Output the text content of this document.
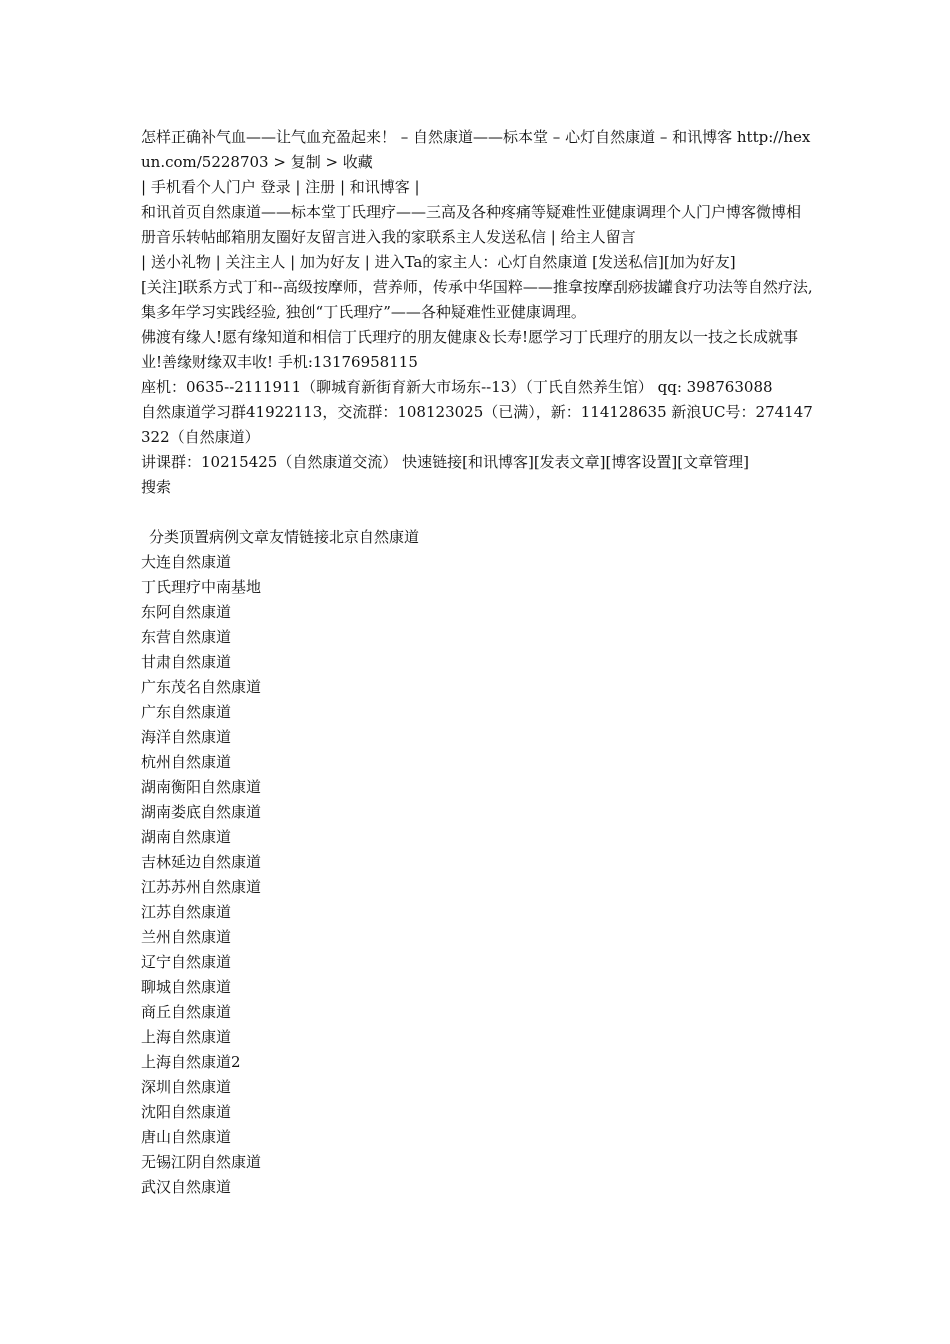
怎样正确补气血——让气血充盈起来！ – 自然康道——标本堂 – 心灯自然康道 – 和讯博客 http://hexun.com/5228703 > 复制 > 收藏

| 手机看个人门户 登录 | 注册 | 和讯博客 |

和讯首页自然康道——标本堂丁氏理疗——三高及各种疼痛等疑难性亚健康调理个人门户博客微博相册音乐转帖邮箱朋友圈好友留言进入我的家联系主人发送私信 | 给主人留言

| 送小礼物 | 关注主人 | 加为好友 | 进入Ta的家主人：心灯自然康道 [发送私信][加为好友]

[关注]联系方式丁和--高级按摩师，营养师，传承中华国粹——推拿按摩刮痧拔罐食疗功法等自然疗法,集多年学习实践经验, 独创“丁氏理疗”——各种疑难性亚健康调理。

佛渡有缘人!愿有缘知道和相信丁氏理疗的朋友健康＆长寿!愿学习丁氏理疗的朋友以一技之长成就事业!善缘财缘双丰收! 手机:13176958115

座机：0635--2111911（聊城育新街育新大市场东--13）（丁氏自然养生馆） qq: 398763088

自然康道学习群41922113，交流群：108123025（已满），新：114128635 新浪UC号：274147322（自然康道）

讲课群：10215425（自然康道交流） 快速链接[和讯博客][发表文章][博客设置][文章管理]

搜索

分类顶置病例文章友情链接北京自然康道

大连自然康道
丁氏理疗中南基地
东阿自然康道
东营自然康道
甘肃自然康道
广东茂名自然康道
广东自然康道
海洋自然康道
杭州自然康道
湖南衡阳自然康道
湖南娄底自然康道
湖南自然康道
吉林延边自然康道
江苏苏州自然康道
江苏自然康道
兰州自然康道
辽宁自然康道
聊城自然康道
商丘自然康道
上海自然康道
上海自然康道2
深圳自然康道
沈阳自然康道
唐山自然康道
无锡江阴自然康道
武汉自然康道
